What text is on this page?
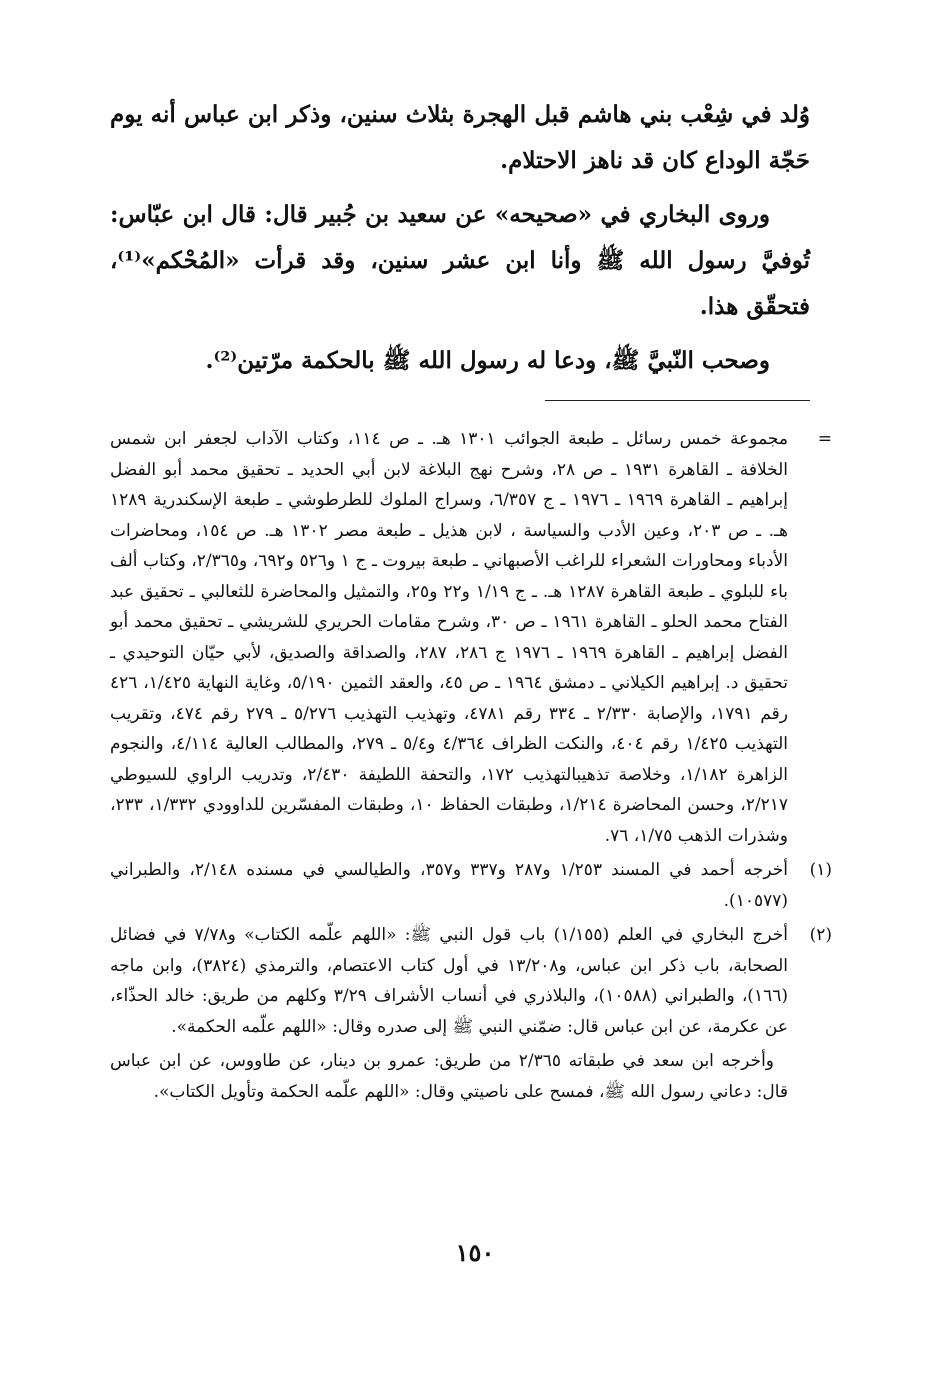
وُلد في شِعْب بني هاشم قبل الهجرة بثلاث سنين، وذكر ابن عباس أنه يوم حَجّة الوداع كان قد ناهز الاحتلام.

وروى البخاري في «صحيحه» عن سعيد بن جُبير قال: قال ابن عبّاس: تُوفيَّ رسول الله ﷺ وأنا ابن عشر سنين، وقد قرأت «المُحْكم»⁽¹⁾، فتحقّق هذا.

وصحب النّبيَّ ﷺ، ودعا له رسول الله ﷺ بالحكمة مرّتين⁽²⁾.

=
مجموعة خمس رسائل ـ طبعة الجوائب ١٣٠١ هـ. ـ ص ١١٤، وكتاب الآداب لجعفر ابن شمس الخلافة ـ القاهرة ١٩٣١ ـ ص ٢٨، وشرح نهج البلاغة لابن أبي الحديد ـ تحقيق محمد أبو الفضل إبراهيم ـ القاهرة ١٩٦٩ ـ ١٩٧٦ ـ ج ٦/٣٥٧، وسراج الملوك للطرطوشي ـ طبعة الإسكندرية ١٢٨٩ هـ. ـ ص ٢٠٣، وعين الأدب والسياسة ، لابن هذيل ـ طبعة مصر ١٣٠٢ هـ. ص ١٥٤، ومحاضرات الأدباء ومحاورات الشعراء للراغب الأصبهاني ـ طبعة بيروت ـ ج ١ و٥٢٦ و٦٩٢، و٢/٣٦٥، وكتاب ألف باء للبلوي ـ طبعة القاهرة ١٢٨٧ هـ. ـ ج ١/١٩ و٢٢ و٢٥، والتمثيل والمحاضرة للثعالبي ـ تحقيق عبد الفتاح محمد الحلو ـ القاهرة ١٩٦١ ـ ص ٣٠، وشرح مقامات الحريري للشريشي ـ تحقيق محمد أبو الفضل إبراهيم ـ القاهرة ١٩٦٩ ـ ١٩٧٦ ج ٢٨٦، ٢٨٧، والصداقة والصديق، لأبي حيّان التوحيدي ـ تحقيق د. إبراهيم الكيلاني ـ دمشق ١٩٦٤ ـ ص ٤٥، والعقد الثمين ٥/١٩٠، وغاية النهاية ١/٤٢٥، ٤٢٦ رقم ١٧٩١، والإصابة ٢/٣٣٠ ـ ٣٣٤ رقم ٤٧٨١، وتهذيب التهذيب ٥/٢٧٦ ـ ٢٧٩ رقم ٤٧٤، وتقريب التهذيب ١/٤٢٥ رقم ٤٠٤، والنكت الظراف ٤/٣٦٤ و٥/٤ ـ ٢٧٩، والمطالب العالية ٤/١١٤، والنجوم الزاهرة ١/١٨٢، وخلاصة تذهيبالتهذيب ١٧٢، والتحفة اللطيفة ٢/٤٣٠، وتدريب الراوي للسيوطي ٢/٢١٧، وحسن المحاضرة ١/٢١٤، وطبقات الحفاظ ١٠، وطبقات المفسّرين للداوودي ١/٣٣٢، ٢٣٣، وشذرات الذهب ١/٧٥، ٧٦.
(١)
أخرجه أحمد في المسند ١/٢٥٣ و٢٨٧ و٣٣٧ و٣٥٧، والطيالسي في مسنده ٢/١٤٨، والطبراني (١٠٥٧٧).
(٢)
أخرج البخاري في العلم (١/١٥٥) باب قول النبي ﷺ: «اللهم علّمه الكتاب» و٧/٧٨ في فضائل الصحابة، باب ذكر ابن عباس، و١٣/٢٠٨ في أول كتاب الاعتصام، والترمذي (٣٨٢٤)، وابن ماجه (١٦٦)، والطبراني (١٠٥٨٨)، والبلاذري في أنساب الأشراف ٣/٢٩ وكلهم من طريق: خالد الحذّاء، عن عكرمة، عن ابن عباس قال: ضمّني النبي ﷺ إلى صدره وقال: «اللهم علّمه الحكمة».

وأخرجه ابن سعد في طبقاته ٢/٣٦٥ من طريق: عمرو بن دينار، عن طاووس، عن ابن عباس قال: دعاني رسول الله ﷺ، فمسح على ناصيتي وقال: «اللهم علّمه الحكمة وتأويل الكتاب».

١٥٠
